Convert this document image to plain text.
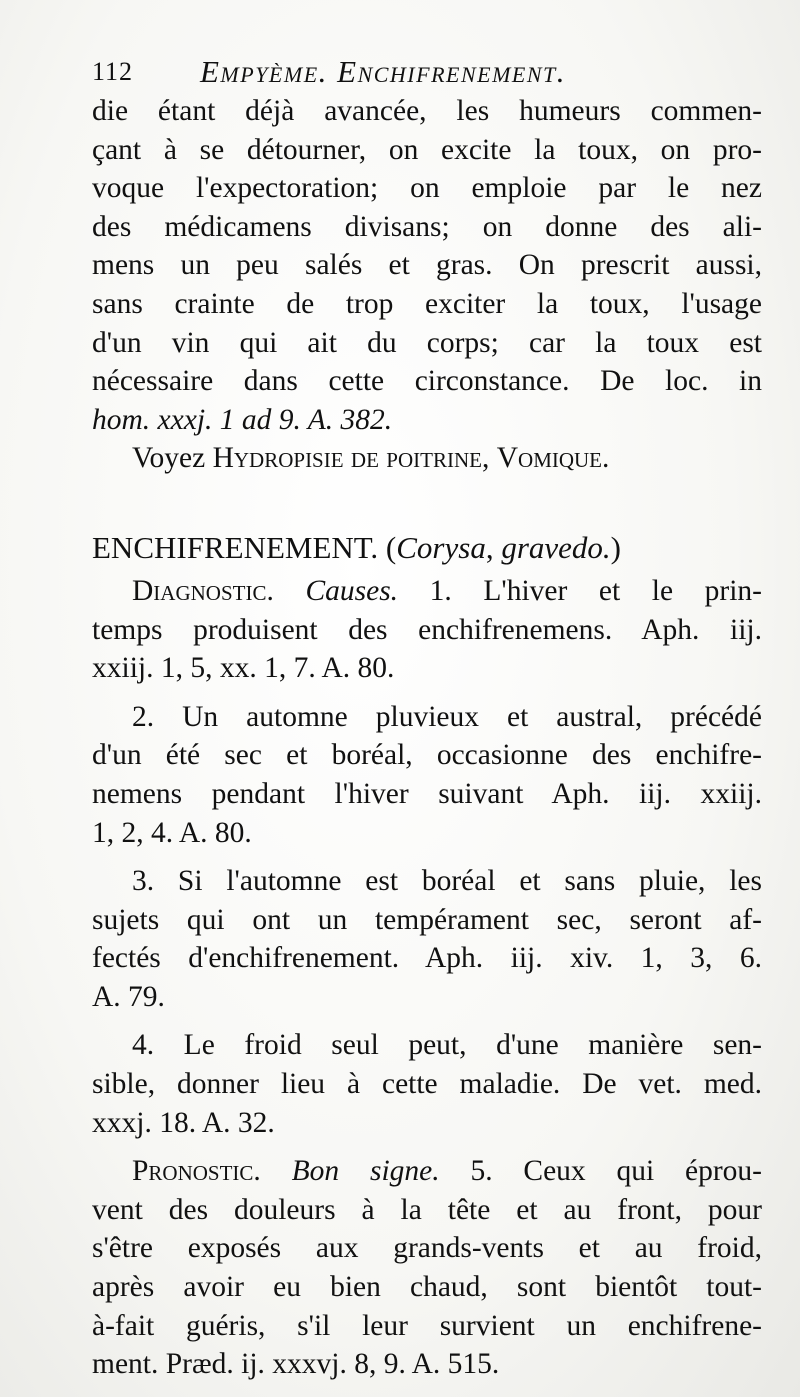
112 Empyème. Enchifrenement.
die étant déjà avancée, les humeurs commen-
çant à se détourner, on excite la toux, on pro-
voque l'expectoration; on emploie par le nez
des médicamens divisans; on donne des ali-
mens un peu salés et gras. On prescrit aussi,
sans crainte de trop exciter la toux, l'usage
d'un vin qui ait du corps; car la toux est
nécessaire dans cette circonstance. De loc. in
hom. xxxj. 1 ad 9. A. 382.
Voyez Hydropisie de poitrine, Vomique.
ENCHIFRENEMENT. (Corysa, gravedo.)
Diagnostic. Causes. 1. L'hiver et le prin-
temps produisent des enchifrenemens. Aph. iij.
xxiij. 1, 5, xx. 1, 7. A. 80.
2. Un automne pluvieux et austral, précédé
d'un été sec et boréal, occasionne des enchifre-
nemens pendant l'hiver suivant Aph. iij. xxiij.
1, 2, 4. A. 80.
3. Si l'automne est boréal et sans pluie, les
sujets qui ont un tempérament sec, seront af-
fectés d'enchifrenement. Aph. iij. xiv. 1, 3, 6.
A. 79.
4. Le froid seul peut, d'une manière sen-
sible, donner lieu à cette maladie. De vet. med.
xxxj. 18. A. 32.
Pronostic. Bon signe. 5. Ceux qui éprou-
vent des douleurs à la tête et au front, pour
s'être exposés aux grands-vents et au froid,
après avoir eu bien chaud, sont bientôt tout-
à-fait guéris, s'il leur survient un enchifrene-
ment. Præd. ij. xxxvj. 8, 9. A. 515.
